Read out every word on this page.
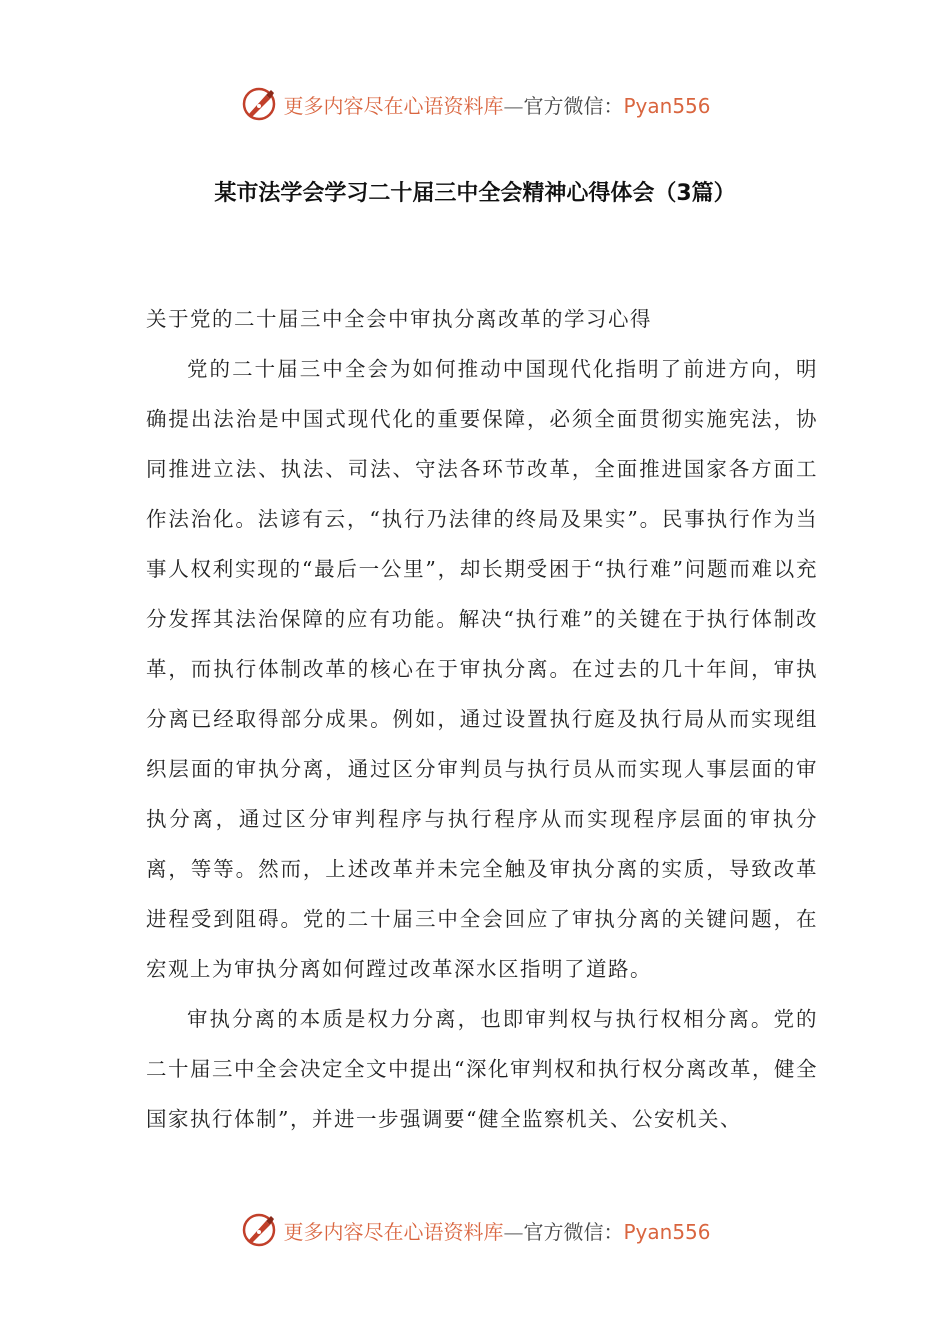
更多内容尽在心语资料库—官方微信：Pyan556
某市法学会学习二十届三中全会精神心得体会（3篇）

关于党的二十届三中全会中审执分离改革的学习心得

党的二十届三中全会为如何推动中国现代化指明了前进方向，明确提出法治是中国式现代化的重要保障，必须全面贯彻实施宪法，协同推进立法、执法、司法、守法各环节改革，全面推进国家各方面工作法治化。法谚有云，“执行乃法律的终局及果实”。民事执行作为当事人权利实现的“最后一公里”，却长期受困于“执行难”问题而难以充分发挥其法治保障的应有功能。解决“执行难”的关键在于执行体制改革，而执行体制改革的核心在于审执分离。在过去的几十年间，审执分离已经取得部分成果。例如，通过设置执行庭及执行局从而实现组织层面的审执分离，通过区分审判员与执行员从而实现人事层面的审执分离，通过区分审判程序与执行程序从而实现程序层面的审执分离，等等。然而，上述改革并未完全触及审执分离的实质，导致改革进程受到阻碍。党的二十届三中全会回应了审执分离的关键问题，在宏观上为审执分离如何蹚过改革深水区指明了道路。

审执分离的本质是权力分离，也即审判权与执行权相分离。党的二十届三中全会决定全文中提出“深化审判权和执行权分离改革，健全国家执行体制”，并进一步强调要“健全监察机关、公安机关、

更多内容尽在心语资料库—官方微信：Pyan556
